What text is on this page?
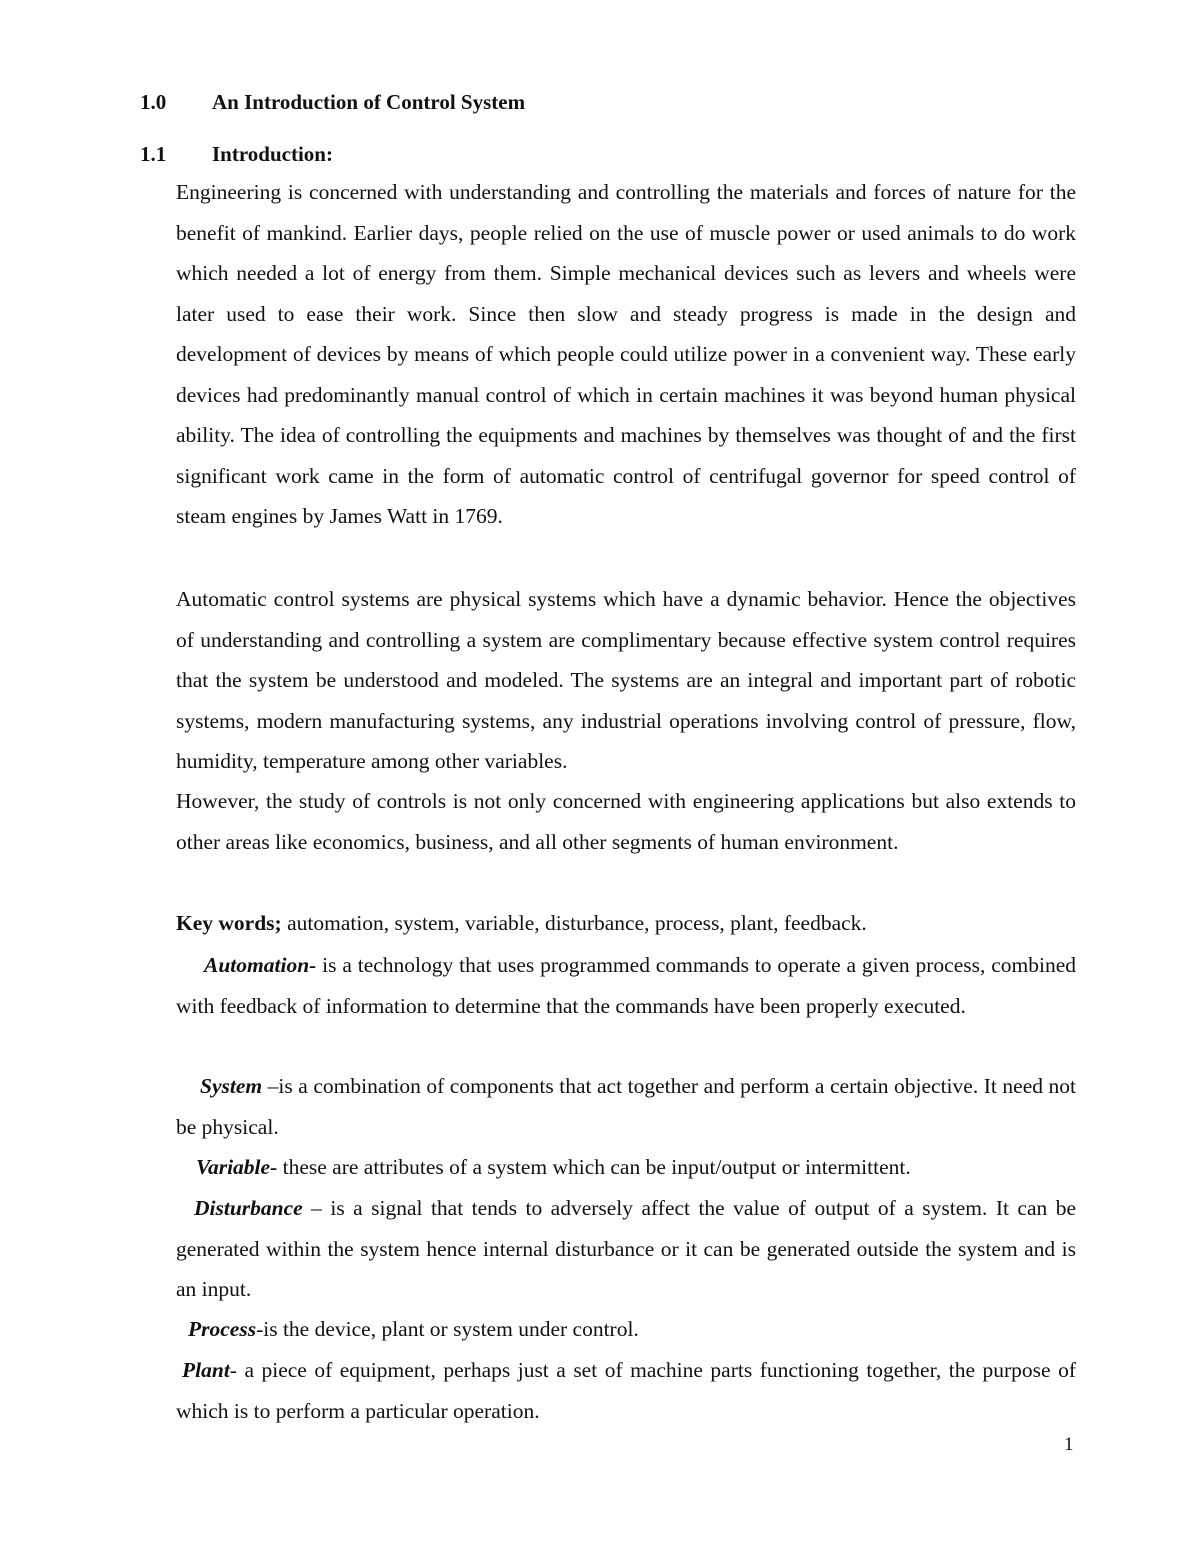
1.0 An Introduction of Control System
1.1 Introduction:

Engineering is concerned with understanding and controlling the materials and forces of nature for the benefit of mankind. Earlier days, people relied on the use of muscle power or used animals to do work which needed a lot of energy from them. Simple mechanical devices such as levers and wheels were later used to ease their work. Since then slow and steady progress is made in the design and development of devices by means of which people could utilize power in a convenient way. These early devices had predominantly manual control of which in certain machines it was beyond human physical ability. The idea of controlling the equipments and machines by themselves was thought of and the first significant work came in the form of automatic control of centrifugal governor for speed control of steam engines by James Watt in 1769.

Automatic control systems are physical systems which have a dynamic behavior. Hence the objectives of understanding and controlling a system are complimentary because effective system control requires that the system be understood and modeled. The systems are an integral and important part of robotic systems, modern manufacturing systems, any industrial operations involving control of pressure, flow, humidity, temperature among other variables.

However, the study of controls is not only concerned with engineering applications but also extends to other areas like economics, business, and all other segments of human environment.

Key words; automation, system, variable, disturbance, process, plant, feedback.

Automation- is a technology that uses programmed commands to operate a given process, combined with feedback of information to determine that the commands have been properly executed.

System –is a combination of components that act together and perform a certain objective. It need not be physical.

Variable- these are attributes of a system which can be input/output or intermittent.

Disturbance – is a signal that tends to adversely affect the value of output of a system. It can be generated within the system hence internal disturbance or it can be generated outside the system and is an input.

Process-is the device, plant or system under control.

Plant- a piece of equipment, perhaps just a set of machine parts functioning together, the purpose of which is to perform a particular operation.

1
